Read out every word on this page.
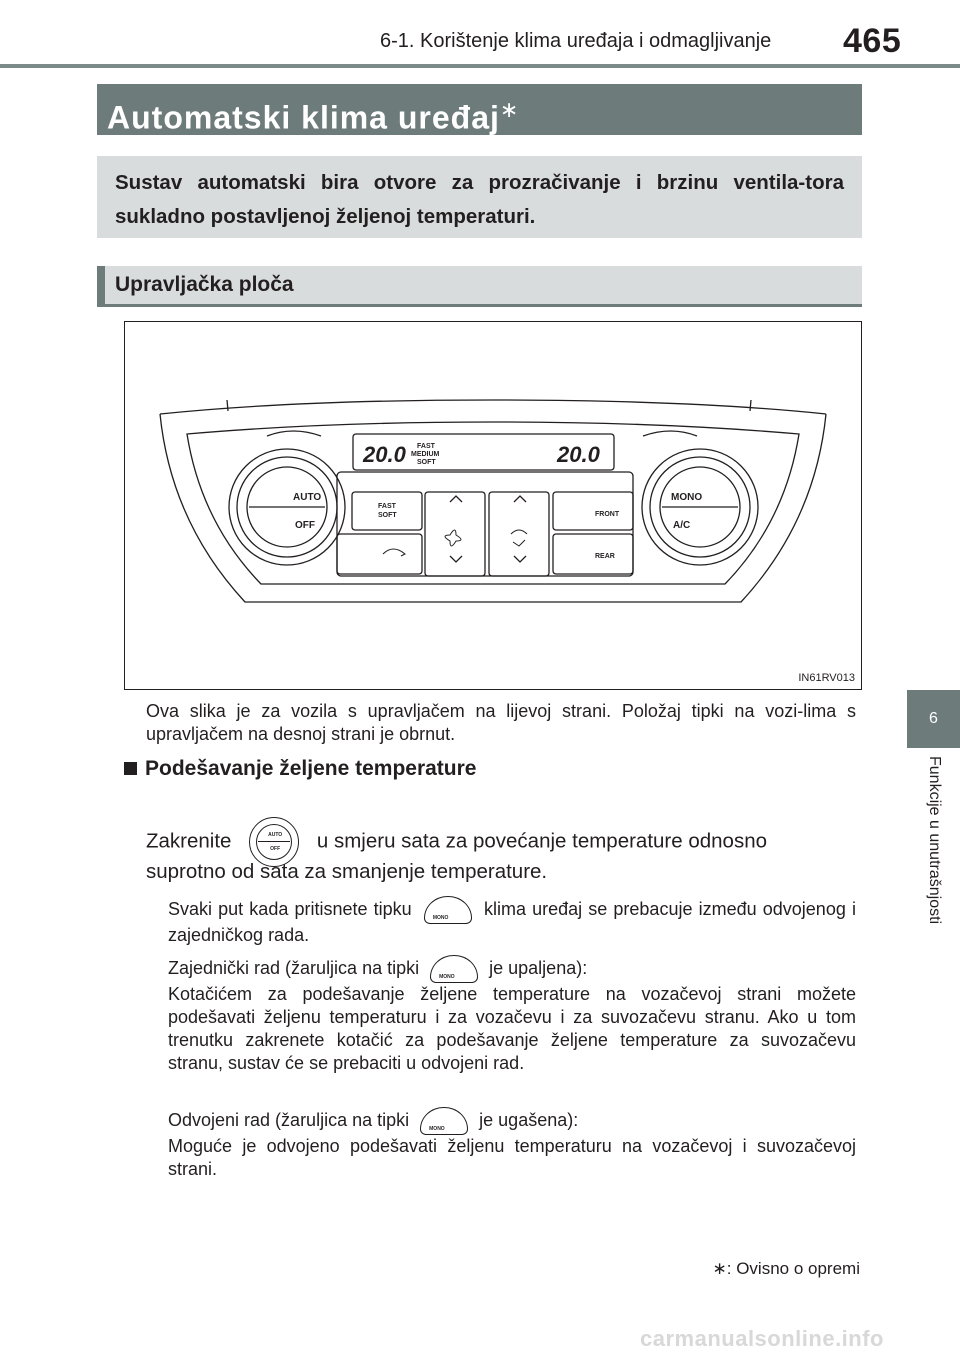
6-1. Korištenje klima uređaja i odmagljivanje 465
Automatski klima uređaj∗
Sustav automatski bira otvore za prozračivanje i brzinu ventila-tora sukladno postavljenoj željenoj temperaturi.
Upravljačka ploča
20.0	20.0
FAST
MEDIUM
SOFT
AUTO
OFF
MONO
A/C
FAST
SOFT	FRONT
REAR
IN61RV013
Ova slika je za vozila s upravljačem na lijevoj strani. Položaj tipki na vozi-lima s upravljačem na desnoj strani je obrnut.
Podešavanje željene temperature
Zakrenite	AUTO
OFF u smjeru sata za povećanje temperature odnosno
suprotno od sata za smanjenje temperature.
Svaki put kada pritisnete tipku	MONO klima uređaj se prebacuje između odvojenog i zajedničkog rada.
Zajednički rad (žaruljica na tipki	MONO je upaljena):
Kotačićem za podešavanje željene temperature na vozačevoj strani možete podešavati željenu temperaturu i za vozačevu i za suvozačevu stranu. Ako u tom trenutku zakrenete kotačić za podešavanje željene temperature za suvozačevu stranu, sustav će se prebaciti u odvojeni rad.
Odvojeni rad (žaruljica na tipki	MONO je ugašena):
Moguće je odvojeno podešavati željenu temperaturu na vozačevoj i suvozačevoj strani.
6
Funkcije u unutrašnjosti
∗: Ovisno o opremi
carmanualsonline.info
